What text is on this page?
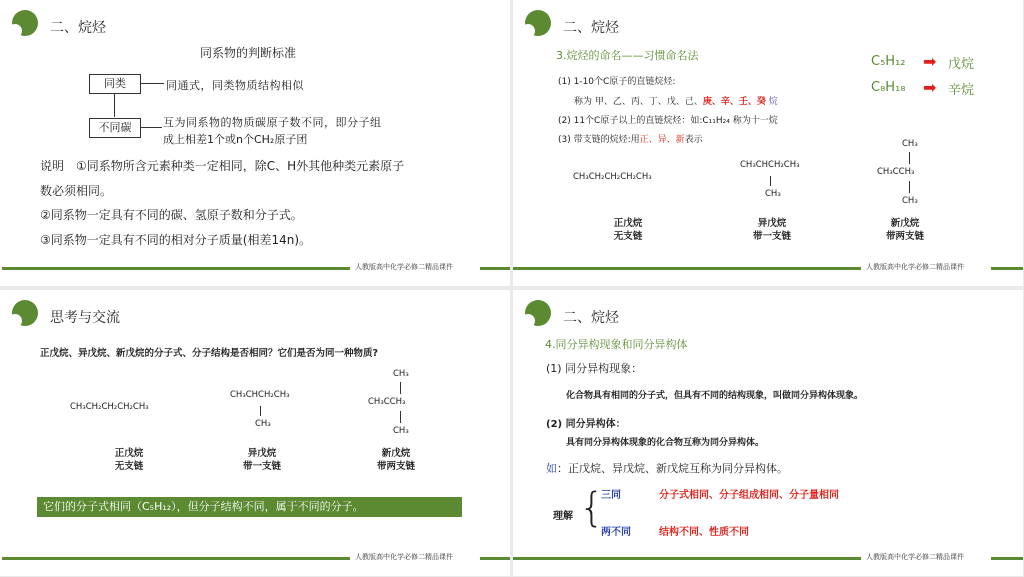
二、烷烃
同系物的判断标准
同类	同通式，同类物质结构相似
不同碳	互为同系物的物质碳原子数不同，即分子组
成上相差1个或n个CH₂原子团
说明　①同系物所含元素种类一定相同，除C、H外其他种类元素原子
数必须相同。
②同系物一定具有不同的碳、氢原子数和分子式。
③同系物一定具有不同的相对分子质量(相差14n)。
人教版高中化学必修二精品课件
二、烷烃
3.烷烃的命名——习惯命名法	C₅H₁₂ ➡ 戊烷
C₈H₁₈ ➡ 辛烷
(1) 1-10个C原子的直链烷烃:
称为 甲、乙、丙、丁、戊、己、庚、辛、壬、癸 烷
(2) 11个C原子以上的直链烷烃：如:C₁₁H₂₄ 称为十一烷
(3) 带支链的烷烃:用正、异、新表示
CH₃CH₂CH₂CH₂CH₃
CH₃CHCH₂CH₃
CH₃
CH₃
CH₃CCH₃
CH₃
正戊烷
无支链
异戊烷
带一支链
新戊烷
带两支链
人教版高中化学必修二精品课件
思考与交流
正戊烷、异戊烷、新戊烷的分子式、分子结构是否相同？它们是否为同一种物质?
CH₃CH₂CH₂CH₂CH₃
CH₃CHCH₂CH₃
CH₃
CH₃
CH₃CCH₃
CH₃
正戊烷
无支链
异戊烷
带一支链
新戊烷
带两支链
它们的分子式相同（C₅H₁₂），但分子结构不同，属于不同的分子。
人教版高中化学必修二精品课件
二、烷烃
4.同分异构现象和同分异构体
(1) 同分异构现象：
化合物具有相同的分子式，但具有不同的结构现象，叫做同分异构体现象。
(2) 同分异构体：
具有同分异构体现象的化合物互称为同分异构体。
如：正戊烷、异戊烷、新戊烷互称为同分异构体。
理解 {
三同	分子式相同、分子组成相同、分子量相同
两不同	结构不同、性质不同
人教版高中化学必修二精品课件
